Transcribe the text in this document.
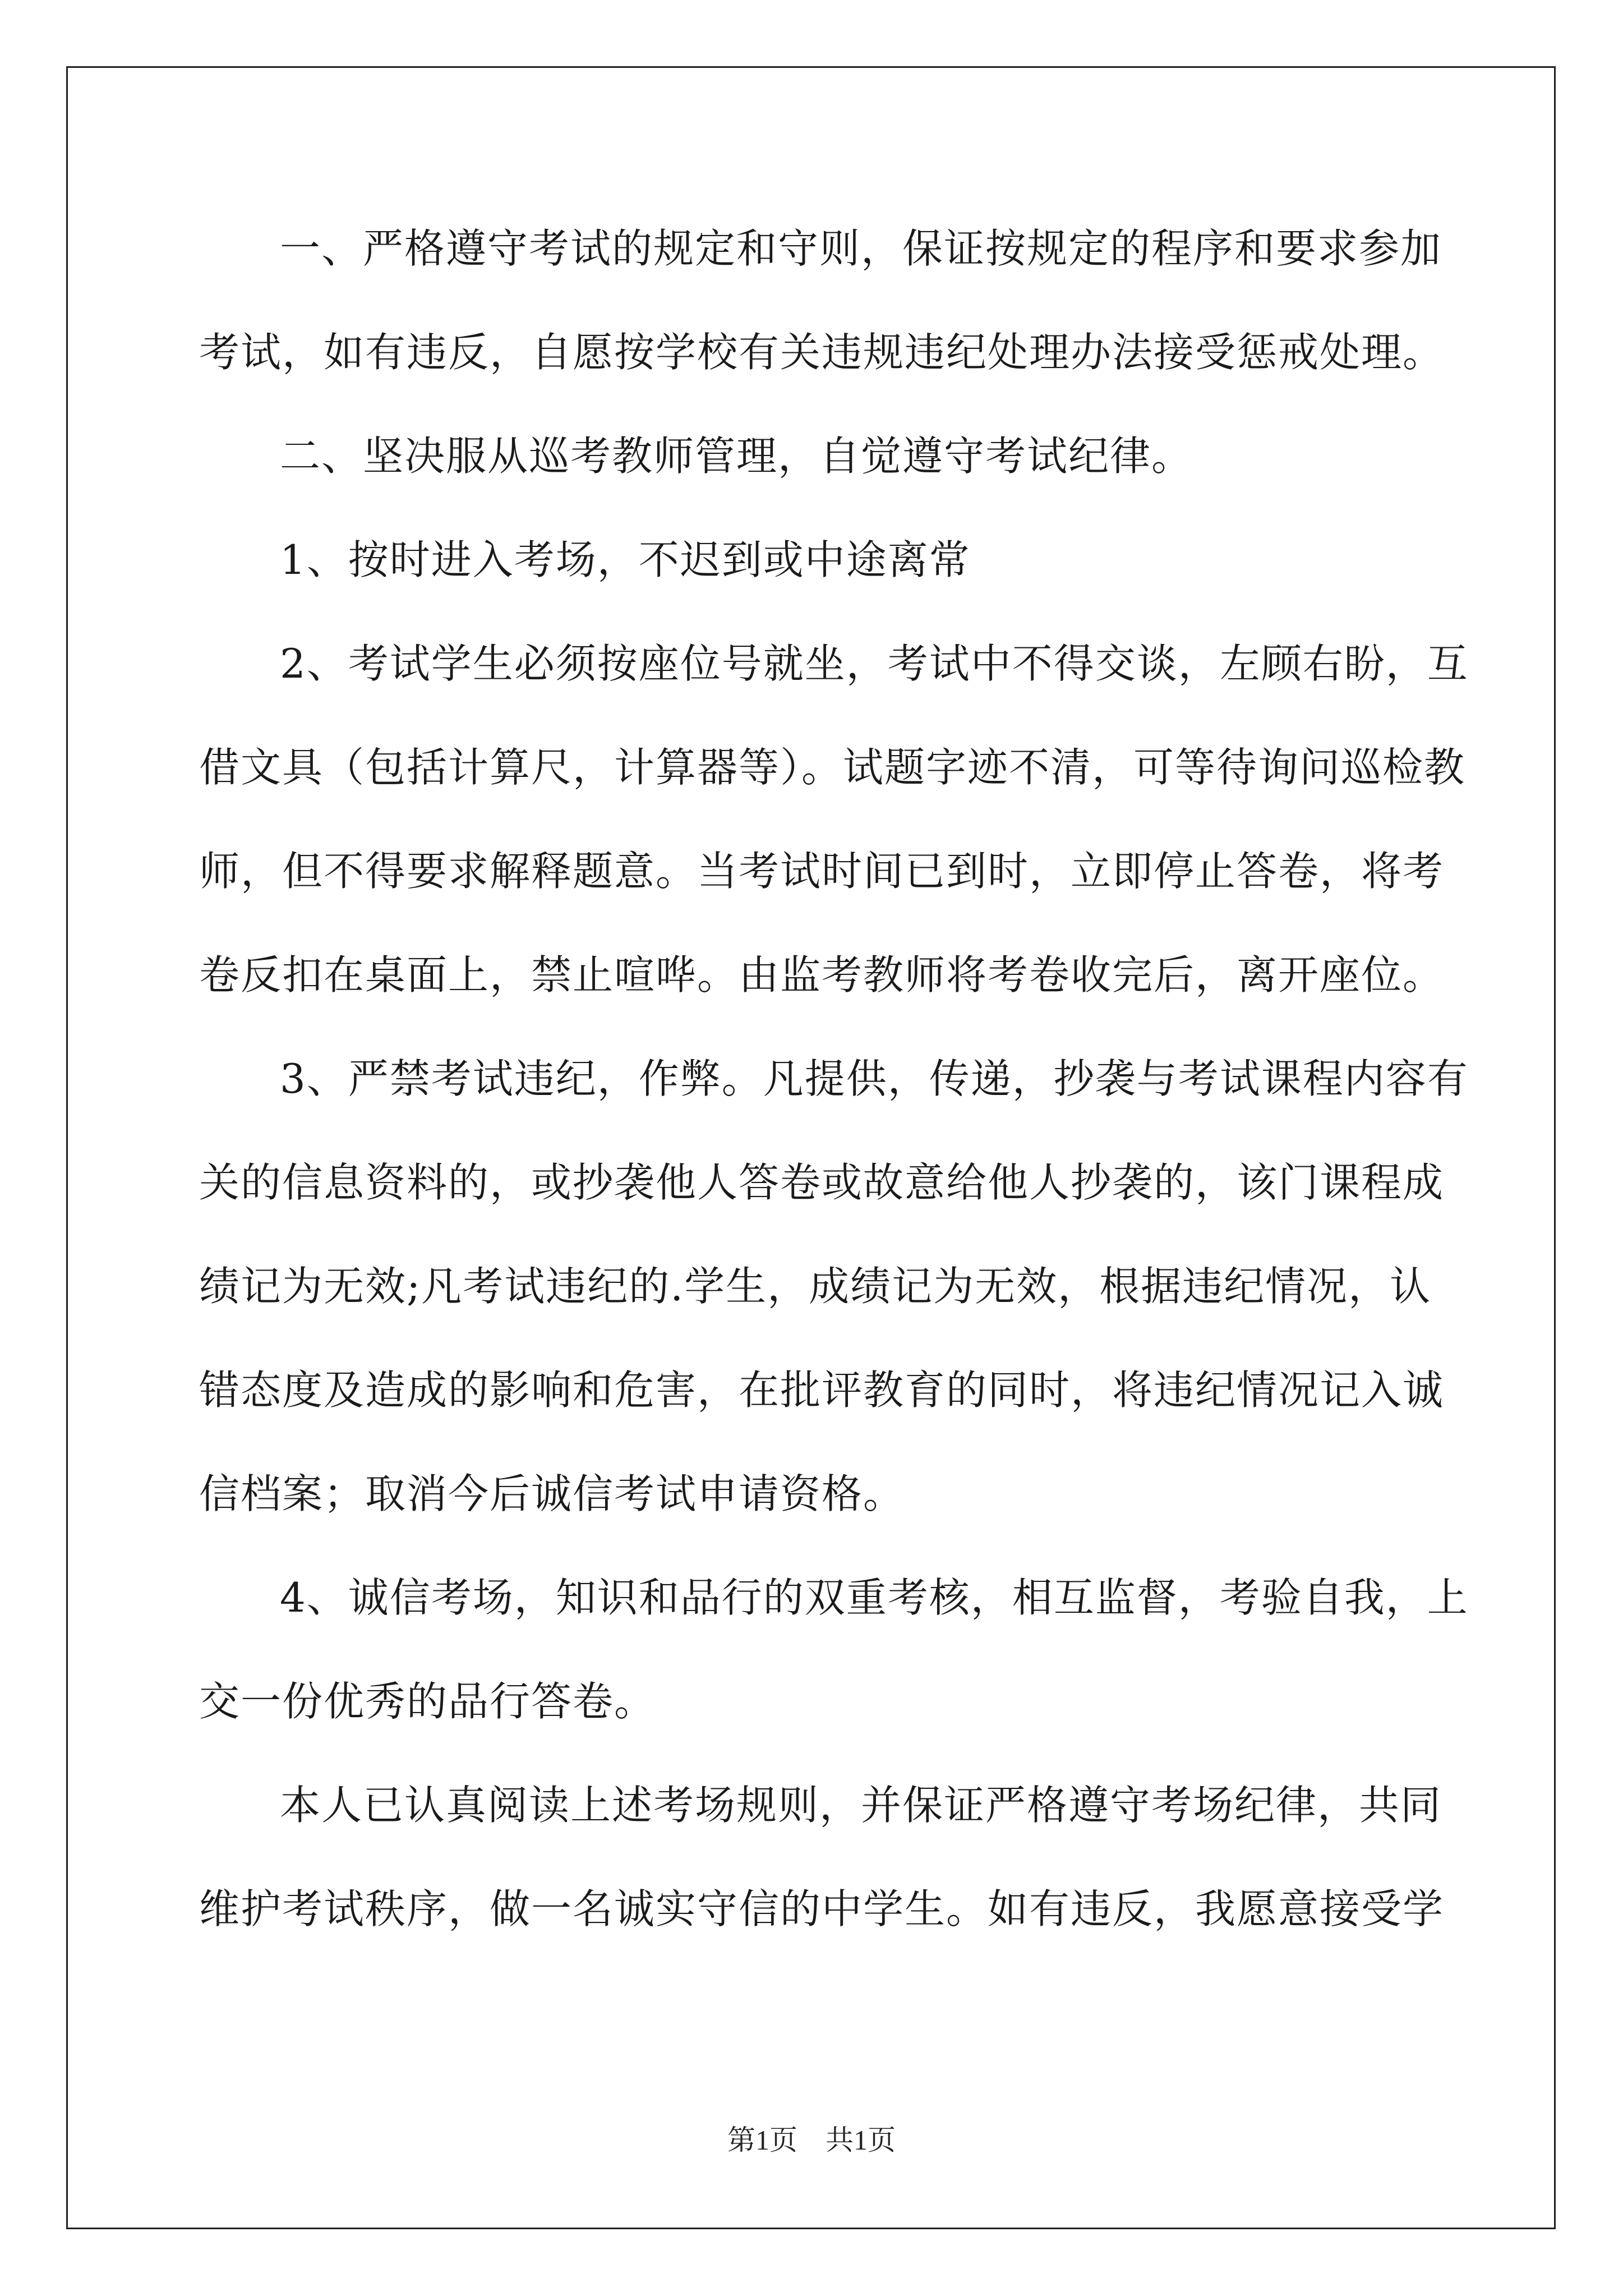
一、严格遵守考试的规定和守则，保证按规定的程序和要求参加

考试，如有违反，自愿按学校有关违规违纪处理办法接受惩戒处理。

二、坚决服从巡考教师管理，自觉遵守考试纪律。

1、按时进入考场，不迟到或中途离常

2、考试学生必须按座位号就坐，考试中不得交谈，左顾右盼，互

借文具（包括计算尺，计算器等）。试题字迹不清，可等待询问巡检教

师，但不得要求解释题意。当考试时间已到时，立即停止答卷，将考

卷反扣在桌面上，禁止喧哗。由监考教师将考卷收完后，离开座位。

3、严禁考试违纪，作弊。凡提供，传递，抄袭与考试课程内容有

关的信息资料的，或抄袭他人答卷或故意给他人抄袭的，该门课程成

绩记为无效;凡考试违纪的.学生，成绩记为无效，根据违纪情况，认

错态度及造成的影响和危害，在批评教育的同时，将违纪情况记入诚

信档案；取消今后诚信考试申请资格。

4、诚信考场，知识和品行的双重考核，相互监督，考验自我，上

交一份优秀的品行答卷。

本人已认真阅读上述考场规则，并保证严格遵守考场纪律，共同

维护考试秩序，做一名诚实守信的中学生。如有违反，我愿意接受学

第1页　共1页
